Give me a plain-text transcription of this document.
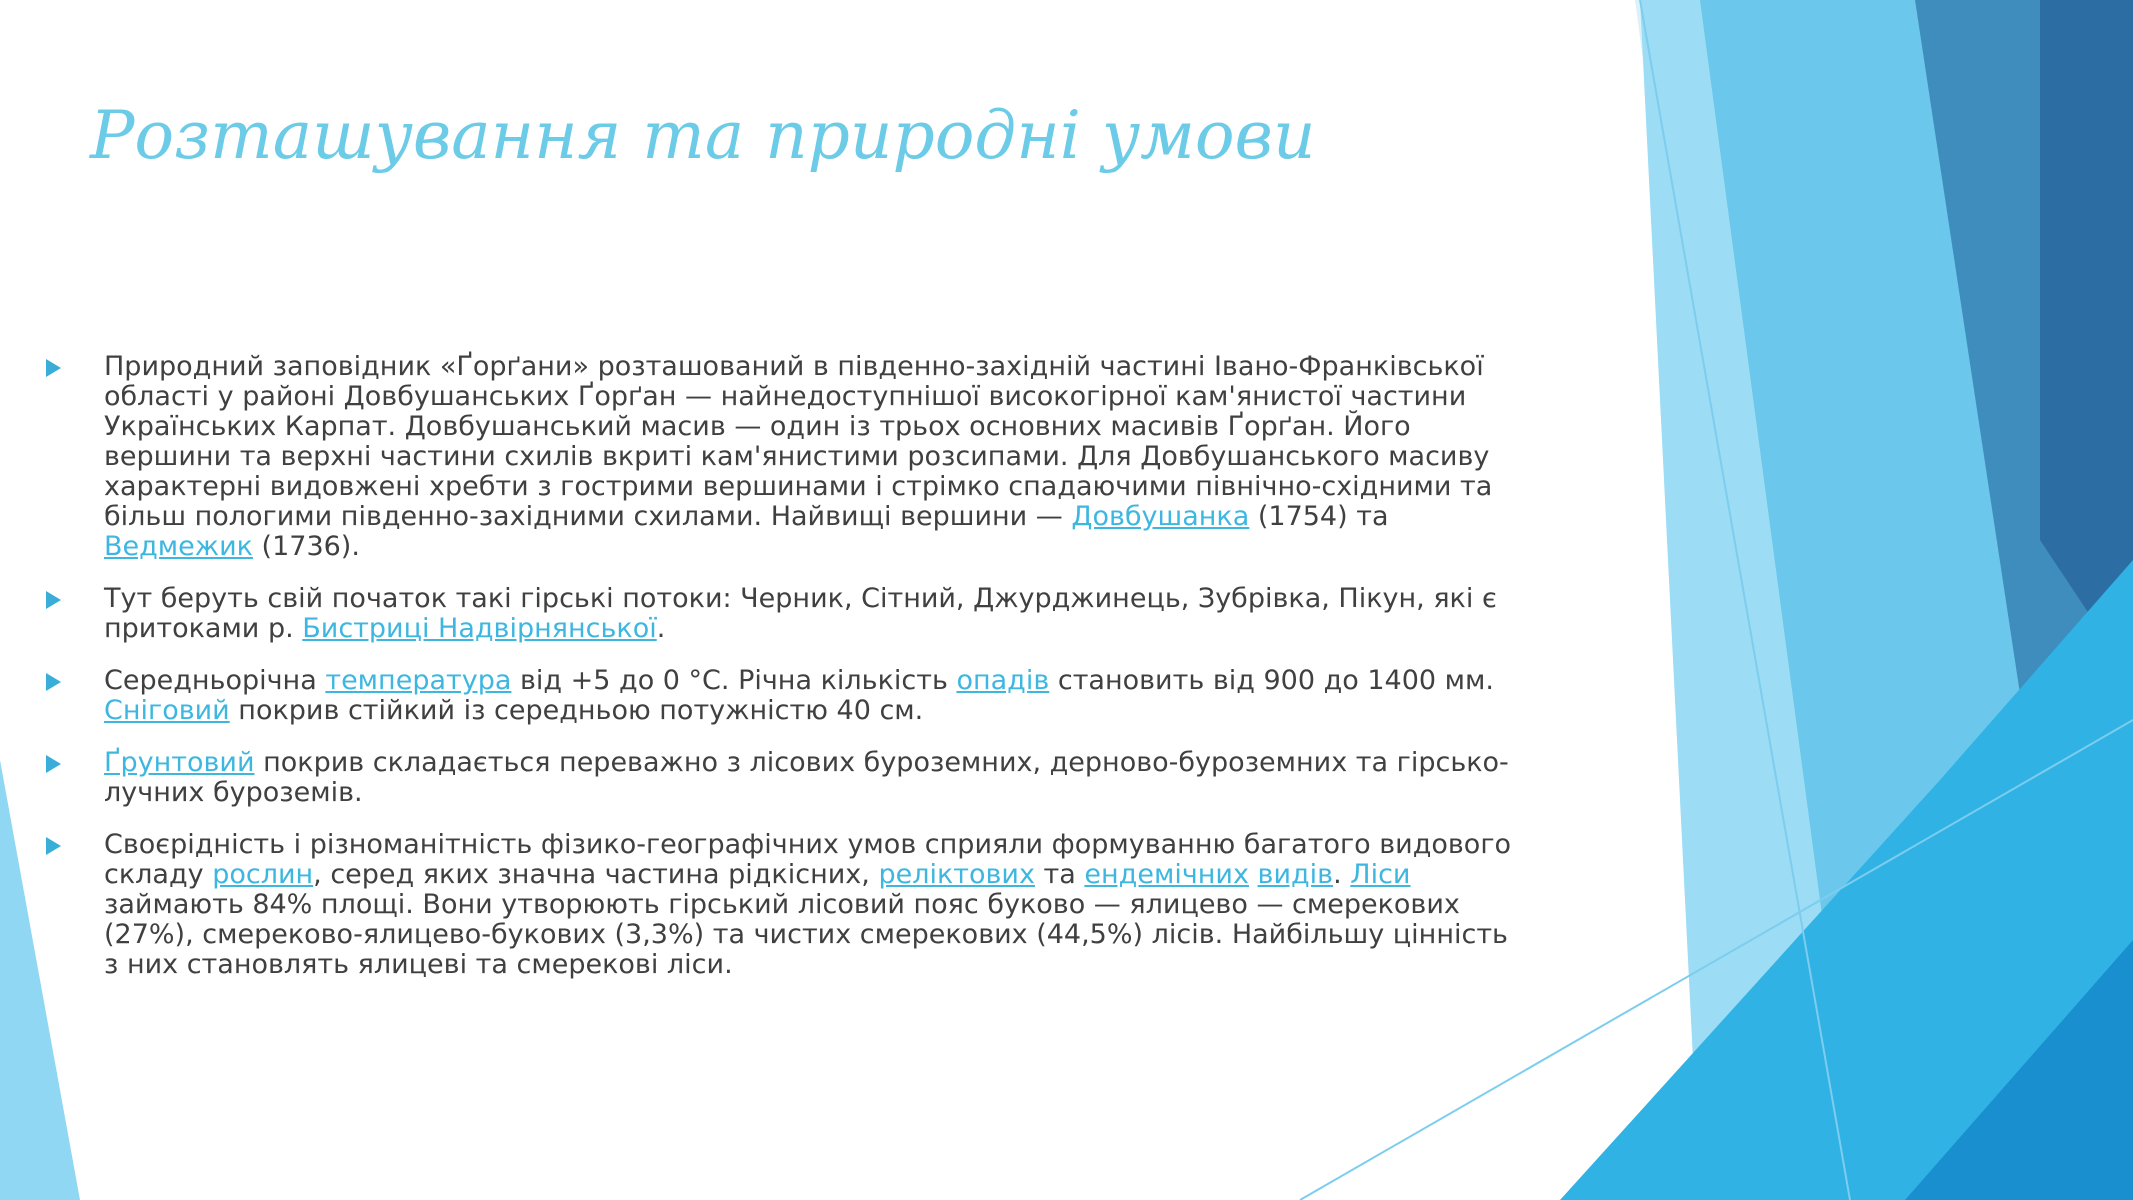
Розташування та природні умови
Природний заповідник «Ґорґани» розташований в південно-західній частині Івано-Франківської області у районі Довбушанських Ґорґан — найнедоступнішої високогірної кам'янистої частини Українських Карпат. Довбушанський масив — один із трьох основних масивів Ґорґан. Його вершини та верхні частини схилів вкриті кам'янистими розсипами. Для Довбушанського масиву характерні видовжені хребти з гострими вершинами і стрімко спадаючими північно-східними та більш пологими південно-західними схилами. Найвищі вершини — Довбушанка (1754) та Ведмежик (1736).
Тут беруть свій початок такі гірські потоки: Черник, Сітний, Джурджинець, Зубрівка, Пікун, які є притоками р. Бистриці Надвірнянської.
Середньорічна температура від +5 до 0 °C. Річна кількість опадів становить від 900 до 1400 мм. Сніговий покрив стійкий із середньою потужністю 40 см.
Ґрунтовий покрив складається переважно з лісових буроземних, дерново-буроземних та гірсько-лучних буроземів.
Своєрідність і різноманітність фізико-географічних умов сприяли формуванню багатого видового складу рослин, серед яких значна частина рідкісних, реліктових та ендемічних видів. Ліси займають 84% площі. Вони утворюють гірський лісовий пояс буково — ялицево — смерекових (27%), смереково-ялицево-букових (3,3%) та чистих смерекових (44,5%) лісів. Найбільшу цінність з них становлять ялицеві та смерекові ліси.
